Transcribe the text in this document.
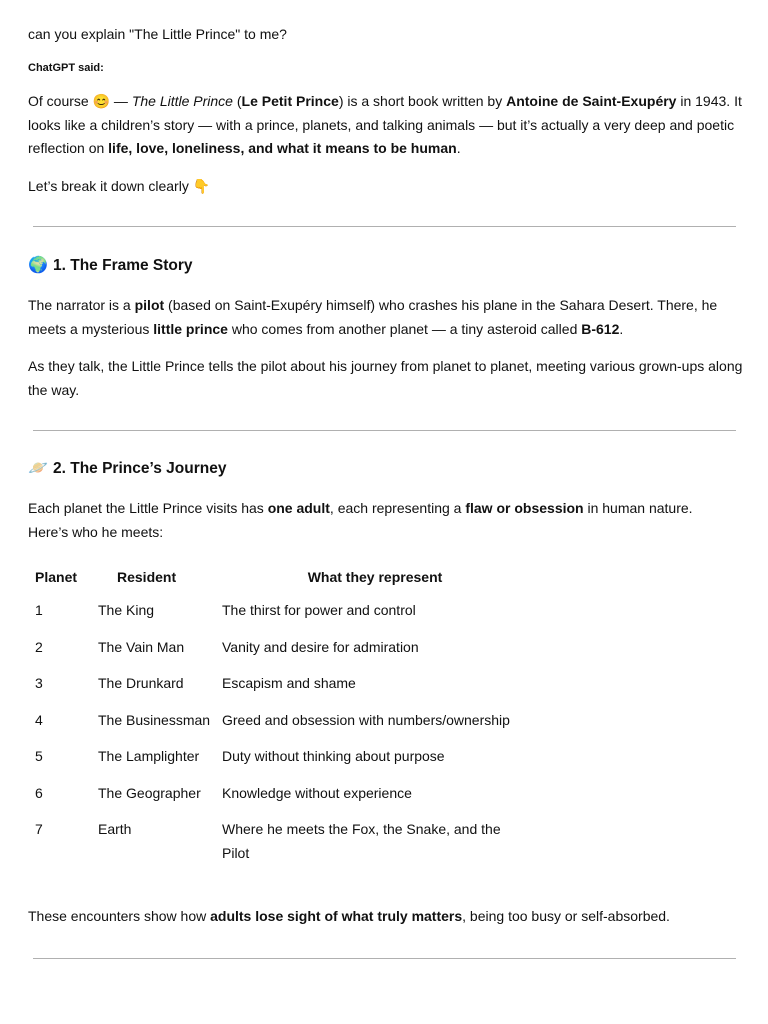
can you explain "The Little Prince" to me?
ChatGPT said:

Of course 😊 — The Little Prince (Le Petit Prince) is a short book written by Antoine de Saint-Exupéry in 1943. It looks like a children’s story — with a prince, planets, and talking animals — but it’s actually a very deep and poetic reflection on life, love, loneliness, and what it means to be human.

Let’s break it down clearly 👇

🌍 1. The Frame Story

The narrator is a pilot (based on Saint-Exupéry himself) who crashes his plane in the Sahara Desert. There, he meets a mysterious little prince who comes from another planet — a tiny asteroid called B-612.

As they talk, the Little Prince tells the pilot about his journey from planet to planet, meeting various grown-ups along the way.

🪐 2. The Prince’s Journey

Each planet the Little Prince visits has one adult, each representing a flaw or obsession in human nature.
Here’s who he meets:

Planet	Resident	What they represent
1	The King	The thirst for power and control
2	The Vain Man	Vanity and desire for admiration
3	The Drunkard	Escapism and shame
4	The Businessman	Greed and obsession with numbers/ownership
5	The Lamplighter	Duty without thinking about purpose
6	The Geographer	Knowledge without experience
7	Earth	Where he meets the Fox, the Snake, and the Pilot

These encounters show how adults lose sight of what truly matters, being too busy or self-absorbed.
